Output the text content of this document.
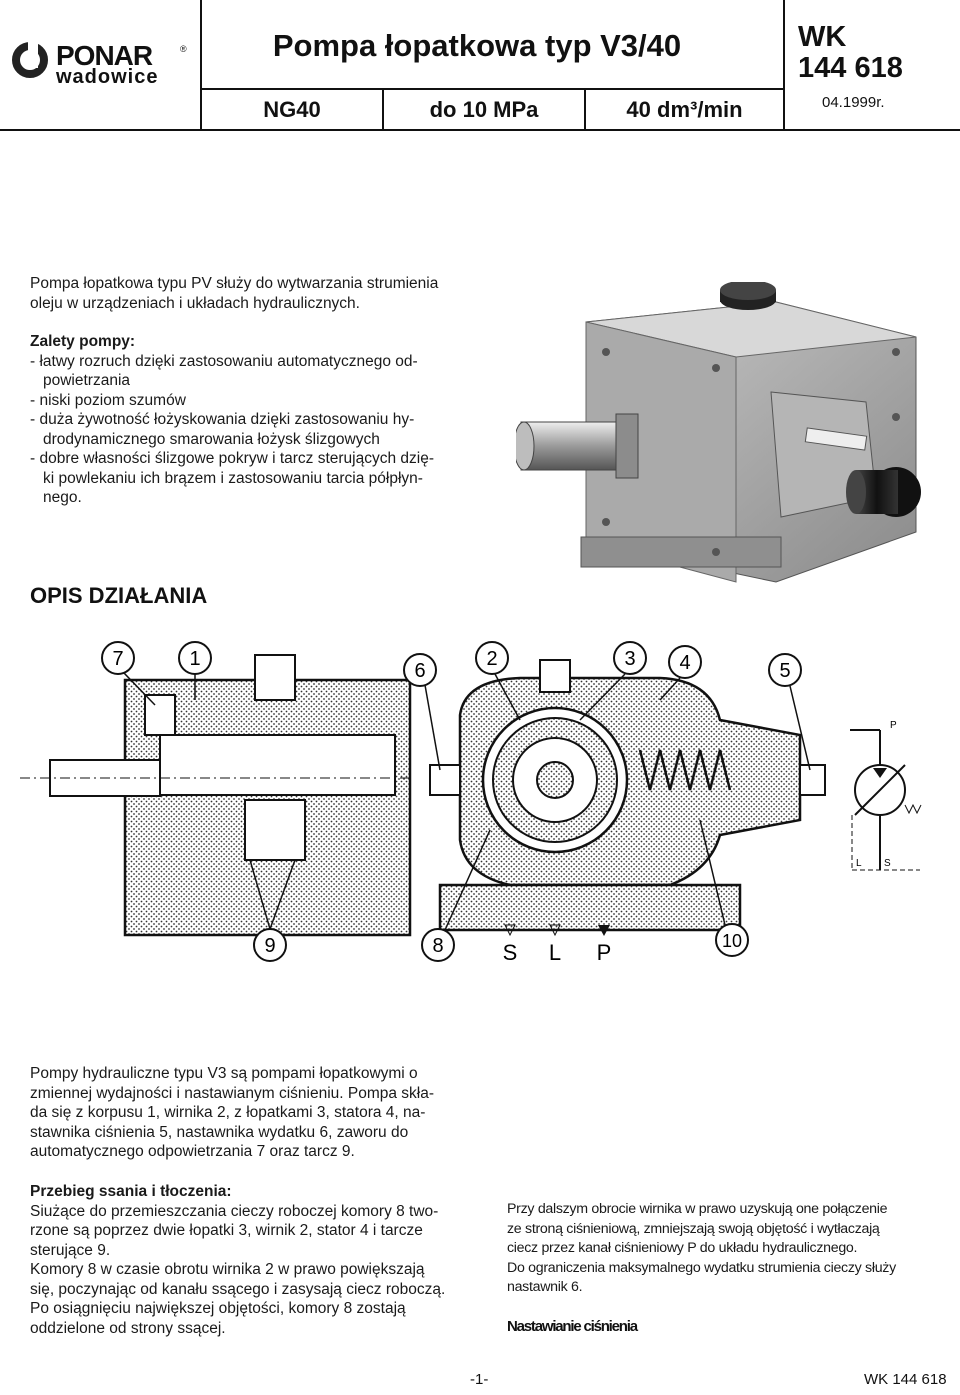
PONAR	®
wadowice
Pompa łopatkowa typ V3/40
NG40	do 10 MPa	40 dm³/min
WK
144 618
04.1999r.

Pompa łopatkowa typu PV służy do wytwarzania strumienia

oleju w urządzeniach i układach hydraulicznych.

Zalety pompy:

- łatwy rozruch dzięki zastosowaniu automatycznego od-

powietrzania

- niski poziom szumów

- duża żywotność łożyskowania dzięki zastosowaniu hy-

drodynamicznego smarowania łożysk ślizgowych

- dobre własności ślizgowe pokryw i tarcz sterujących dzię-

ki powlekaniu ich brązem i zastosowaniu tarcia półpłyn-

nego.

OPIS DZIAŁANIA
7	1
6
2	3 4	5
9	8	10
S L P
P
L S

Pompy hydrauliczne typu V3 są pompami łopatkowymi o

zmiennej wydajności i nastawianym ciśnieniu. Pompa skła-

da się z korpusu 1, wirnika 2, z łopatkami 3, statora 4, na-

stawnika ciśnienia 5, nastawnika wydatku 6, zaworu do

automatycznego odpowietrzania 7 oraz tarcz 9.

Przebieg ssania i tłoczenia:

Siużące do przemieszczania cieczy roboczej komory 8 two-

rzone są poprzez dwie łopatki 3, wirnik 2, stator 4 i tarcze

sterujące 9.

Komory 8 w czasie obrotu wirnika 2 w prawo powiększają

się, poczynając od kanału ssącego i zasysają ciecz roboczą.

Po osiągnięciu największej objętości, komory 8 zostają

oddzielone od strony ssącej.

Przy dalszym obrocie wirnika w prawo uzyskują one połączenie

ze stroną ciśnieniową, zmniejszają swoją objętość i wytłaczają

ciecz przez kanał ciśnieniowy P do układu hydraulicznego.

Do ograniczenia maksymalnego wydatku strumienia cieczy służy

nastawnik 6.

Nastawianie ciśnienia
-1-	WK 144 618
